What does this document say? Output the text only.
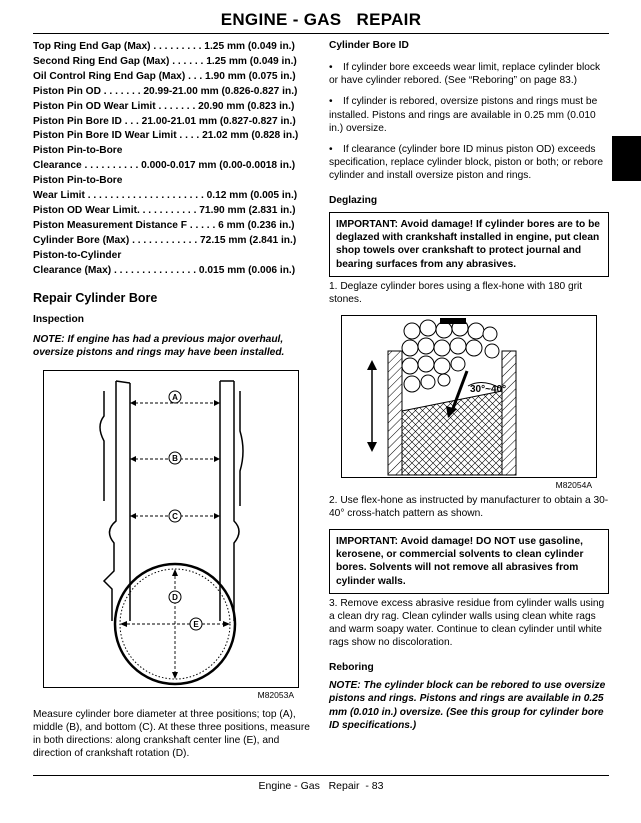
ENGINE - GAS   REPAIR
Top Ring End Gap (Max) . . . . . . . . . 1.25 mm (0.049 in.)
Second Ring End Gap (Max) . . . . . . 1.25 mm (0.049 in.)
Oil Control Ring End Gap (Max) . . . 1.90 mm (0.075 in.)
Piston Pin OD . . . . . . . 20.99-21.00 mm (0.826-0.827 in.)
Piston Pin OD Wear Limit . . . . . . . 20.90 mm (0.823 in.)
Piston Pin Bore ID . . . 21.00-21.01 mm (0.827-0.827 in.)
Piston Pin Bore ID Wear Limit . . . . 21.02 mm (0.828 in.)
Piston Pin-to-Bore
Clearance . . . . . . . . . . 0.000-0.017 mm (0.00-0.0018 in.)
Piston Pin-to-Bore
Wear Limit . . . . . . . . . . . . . . . . . . . . . 0.12 mm (0.005 in.)
Piston OD Wear Limit. . . . . . . . . . . 71.90 mm (2.831 in.)
Piston Measurement Distance F . . . . . 6 mm (0.236 in.)
Cylinder Bore (Max) . . . . . . . . . . . . 72.15 mm (2.841 in.)
Piston-to-Cylinder
Clearance (Max) . . . . . . . . . . . . . . . 0.015 mm (0.006 in.)
Repair Cylinder Bore
Inspection

NOTE: If engine has had a previous major overhaul, oversize pistons and rings may have been installed.

A
B
C
D
E
M82053A

Measure cylinder bore diameter at three positions; top (A), middle (B), and bottom (C). At these three positions, measure in both directions: along crankshaft center line (E), and direction of crankshaft rotation (D).

Cylinder Bore ID
• If cylinder bore exceeds wear limit, replace cylinder block or have cylinder rebored. (See “Reboring” on page 83.)
• If cylinder is rebored, oversize pistons and rings must be installed. Pistons and rings are available in 0.25 mm (0.010 in.) oversize.
• If clearance (cylinder bore ID minus piston OD) exceeds specification, replace cylinder block, piston or both; or rebore cylinder and install oversize piston and rings.
Deglazing
IMPORTANT: Avoid damage! If cylinder bores are to be deglazed with crankshaft installed in engine, put clean shop towels over crankshaft to protect journal and bearing surfaces from any abrasives.

1. Deglaze cylinder bores using a flex-hone with 180 grit stones.

30°~40°
M82054A

2. Use flex-hone as instructed by manufacturer to obtain a 30-40° cross-hatch pattern as shown.

IMPORTANT: Avoid damage! DO NOT use gasoline, kerosene, or commercial solvents to clean cylinder bores. Solvents will not remove all abrasives from cylinder walls.

3. Remove excess abrasive residue from cylinder walls using a clean dry rag. Clean cylinder walls using clean white rags and warm soapy water. Continue to clean cylinder until white rags show no discoloration.

Reboring

NOTE: The cylinder block can be rebored to use oversize pistons and rings. Pistons and rings are available in 0.25 mm (0.010 in.) oversize. (See this group for cylinder bore ID specifications.)

Engine - Gas   Repair  - 83
